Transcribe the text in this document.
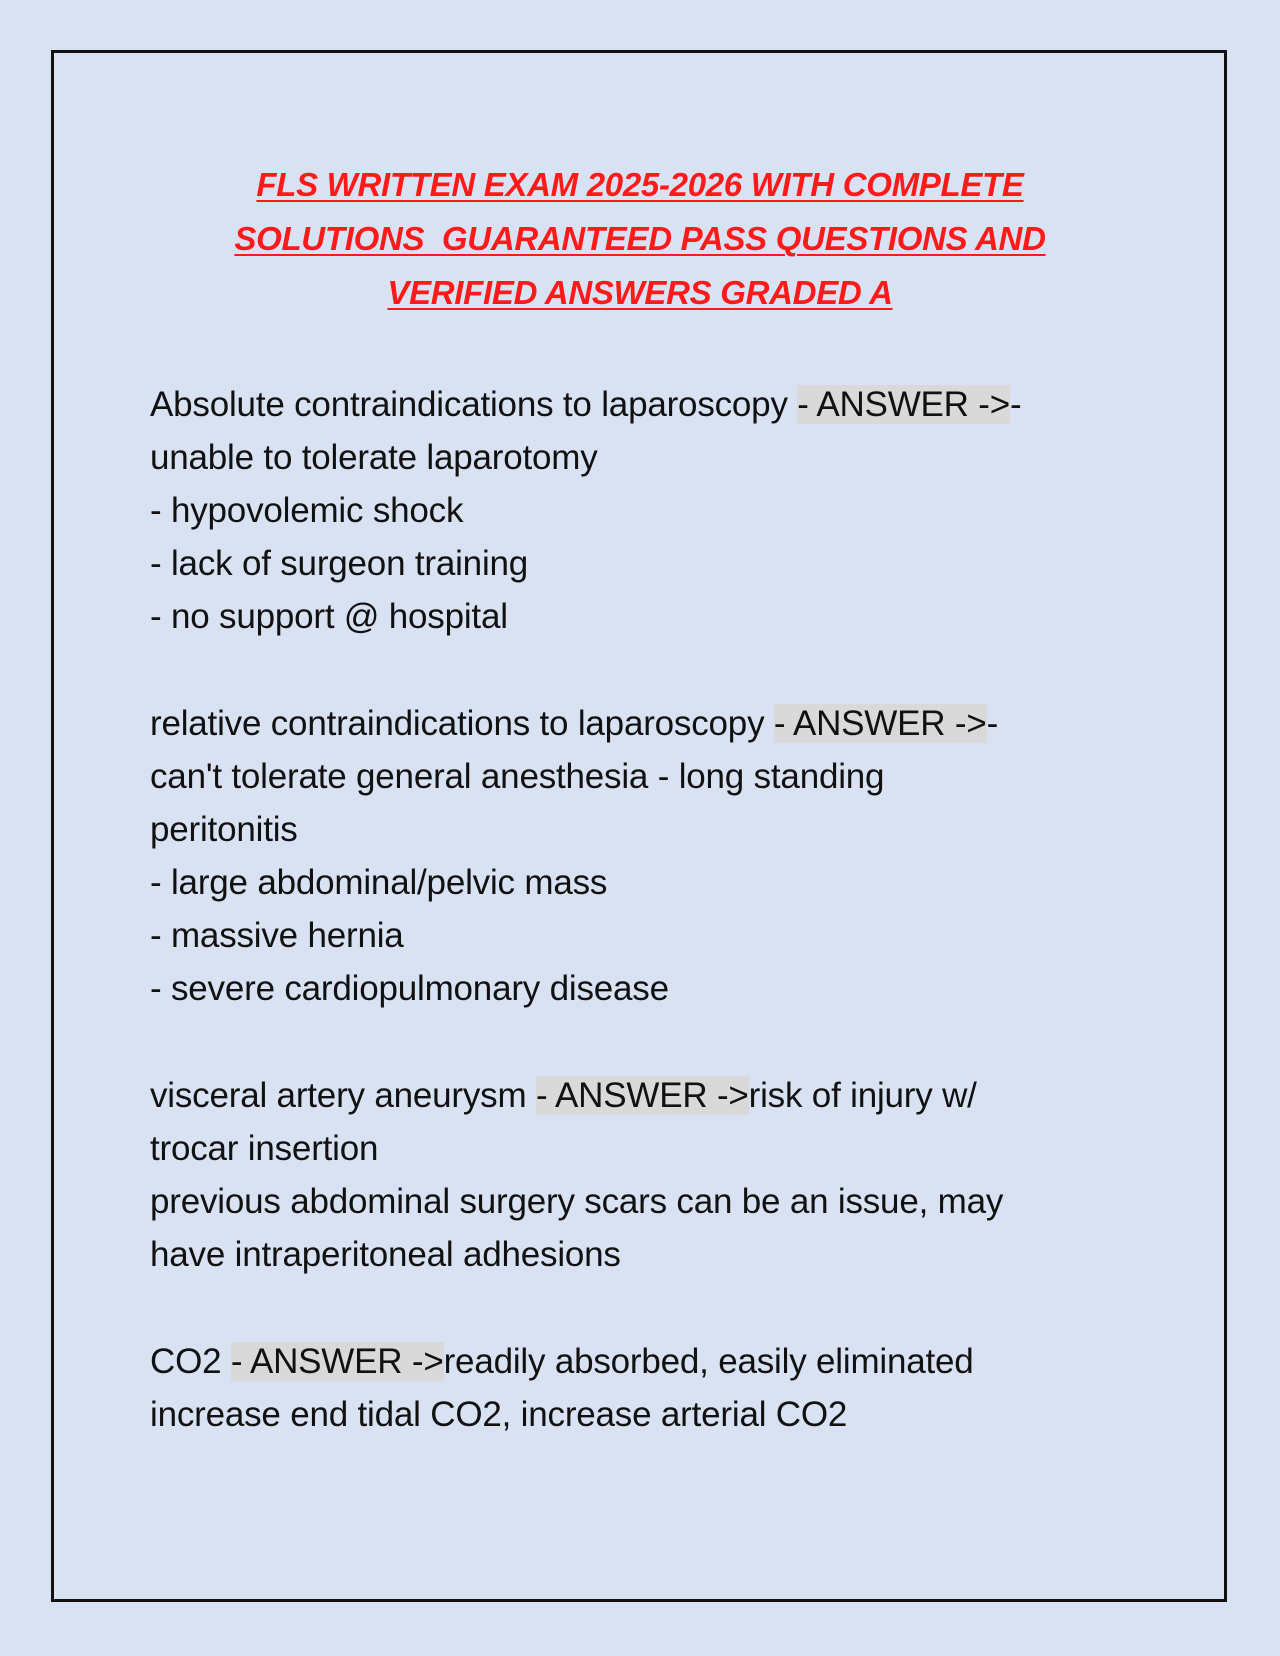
FLS WRITTEN EXAM 2025-2026 WITH COMPLETE
SOLUTIONS  GUARANTEED PASS QUESTIONS AND
VERIFIED ANSWERS GRADED A
Absolute contraindications to laparoscopy - ANSWER ->-
unable to tolerate laparotomy
- hypovolemic shock
- lack of surgeon training
- no support @ hospital
relative contraindications to laparoscopy - ANSWER ->-
can't tolerate general anesthesia - long standing
peritonitis
- large abdominal/pelvic mass
- massive hernia
- severe cardiopulmonary disease
visceral artery aneurysm - ANSWER ->risk of injury w/
trocar insertion
previous abdominal surgery scars can be an issue, may
have intraperitoneal adhesions
CO2 - ANSWER ->readily absorbed, easily eliminated
increase end tidal CO2, increase arterial CO2
